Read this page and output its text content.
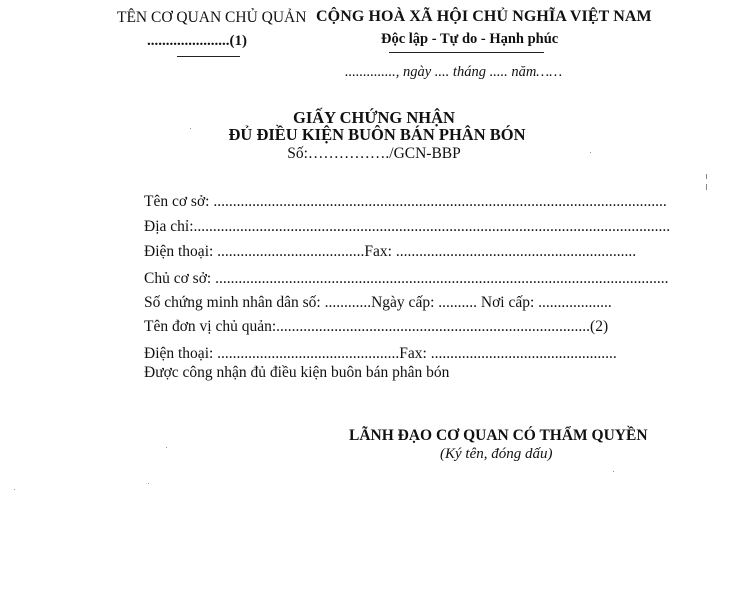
TÊN CƠ QUAN CHỦ QUẢN
......................(1)
CỘNG HOÀ XÃ HỘI CHỦ NGHĨA VIỆT NAM
Độc lập - Tự do - Hạnh phúc
.............., ngày .... tháng ..... năm……
GIẤY CHỨNG NHẬN
ĐỦ ĐIỀU KIỆN BUÔN BÁN PHÂN BÓN
Số:……………./GCN-BBP
Tên cơ sở: .....................................................................................................................
Địa chỉ:...........................................................................................................................
Điện thoại: ......................................Fax: ..............................................................
Chủ cơ sở: .....................................................................................................................
Số chứng minh nhân dân số: ............Ngày cấp: .......... Nơi cấp: ...................
Tên đơn vị chủ quản:.................................................................................(2)
Điện thoại: ...............................................Fax: ................................................
Được công nhận đủ điều kiện buôn bán phân bón
LÃNH ĐẠO CƠ QUAN CÓ THẨM QUYỀN
(Ký tên, đóng dấu)
